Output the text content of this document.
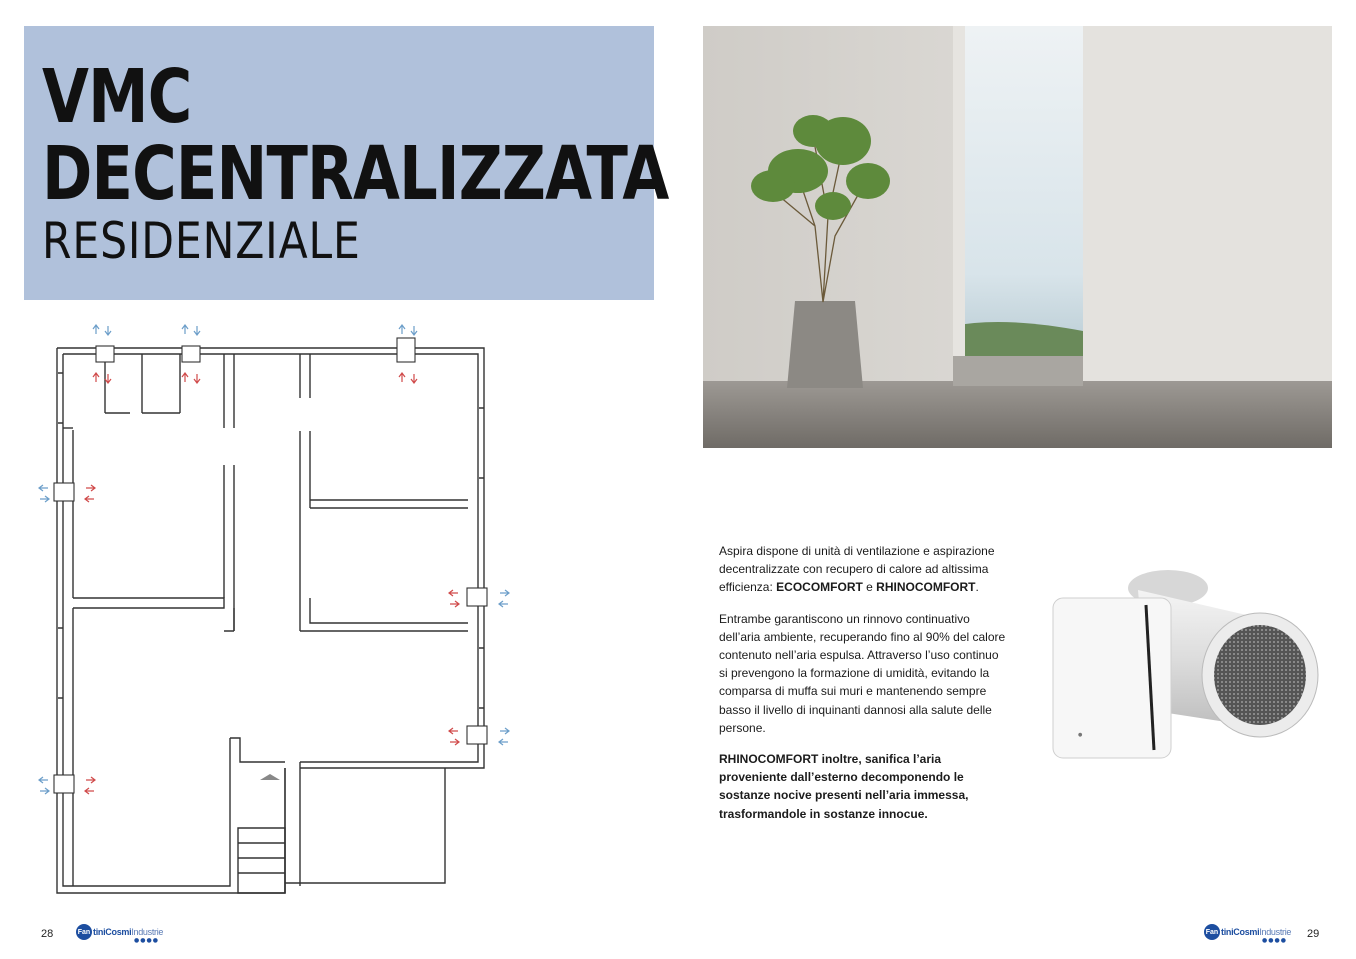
VMC
DECENTRALIZZATA
RESIDENZIALE
28	Fan tiniCosmiIndustrie
●●●●

Aspira dispone di unità di ventilazione e aspirazione decentralizzate con recupero di calore ad altissima efficienza: ECOCOMFORT e RHINOCOMFORT.

Entrambe garantiscono un rinnovo continuativo dell’aria ambiente, recuperando fino al 90% del calore contenuto nell’aria espulsa. Attraverso l’uso continuo si prevengono la formazione di umidità, evitando la comparsa di muffa sui muri e mantenendo sempre basso il livello di inquinanti dannosi alla salute delle persone.

RHINOCOMFORT inoltre, sanifica l’aria proveniente dall’esterno decomponendo le sostanze nocive presenti nell’aria immessa, trasformandole in sostanze innocue.

●
Fan tiniCosmiIndustrie
●●●●
29
